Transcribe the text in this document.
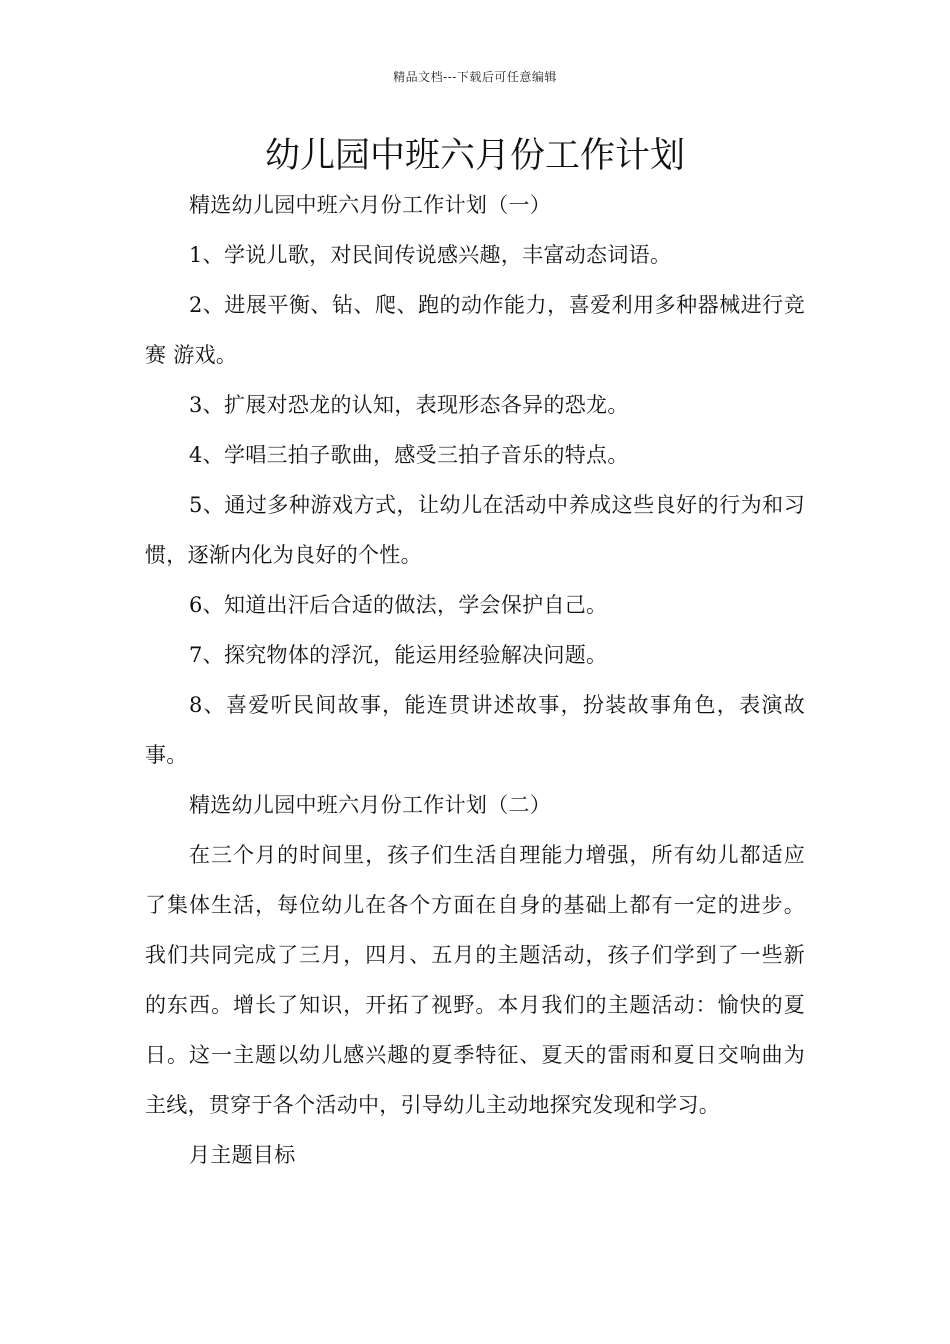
精品文档---下载后可任意编辑
幼儿园中班六月份工作计划

精选幼儿园中班六月份工作计划（一）

1、学说儿歌，对民间传说感兴趣，丰富动态词语。

2、进展平衡、钻、爬、跑的动作能力，喜爱利用多种器械进行竞赛 游戏。

3、扩展对恐龙的认知，表现形态各异的恐龙。

4、学唱三拍子歌曲，感受三拍子音乐的特点。

5、通过多种游戏方式，让幼儿在活动中养成这些良好的行为和习惯，逐渐内化为良好的个性。

6、知道出汗后合适的做法，学会保护自己。

7、探究物体的浮沉，能运用经验解决问题。

8、喜爱听民间故事，能连贯讲述故事，扮装故事角色，表演故事。

精选幼儿园中班六月份工作计划（二）

在三个月的时间里，孩子们生活自理能力增强，所有幼儿都适应了集体生活，每位幼儿在各个方面在自身的基础上都有一定的进步。我们共同完成了三月，四月、五月的主题活动，孩子们学到了一些新的东西。增长了知识，开拓了视野。本月我们的主题活动：愉快的夏日。这一主题以幼儿感兴趣的夏季特征、夏天的雷雨和夏日交响曲为主线，贯穿于各个活动中，引导幼儿主动地探究发现和学习。

月主题目标
